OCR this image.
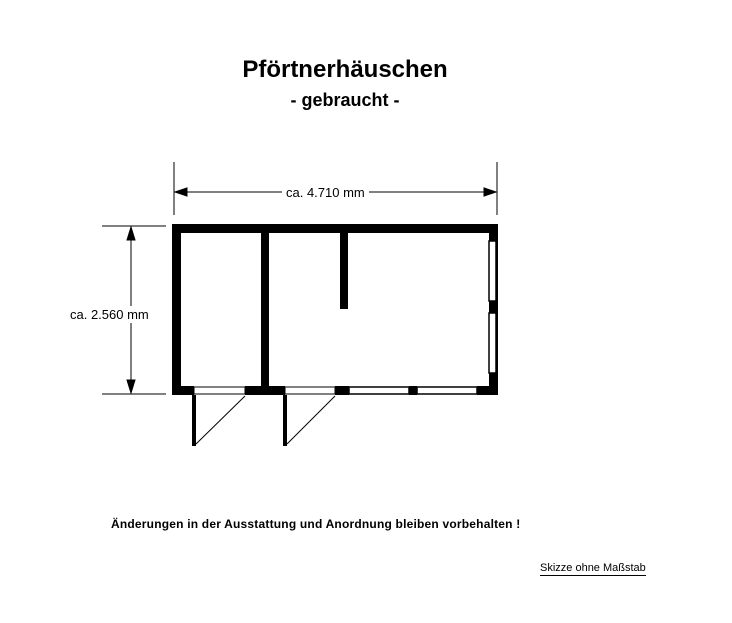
Pförtnerhäuschen
- gebraucht -
ca. 4.710 mm
ca. 2.560 mm
Änderungen in der Ausstattung und Anordnung bleiben vorbehalten !
Skizze ohne Maßstab
